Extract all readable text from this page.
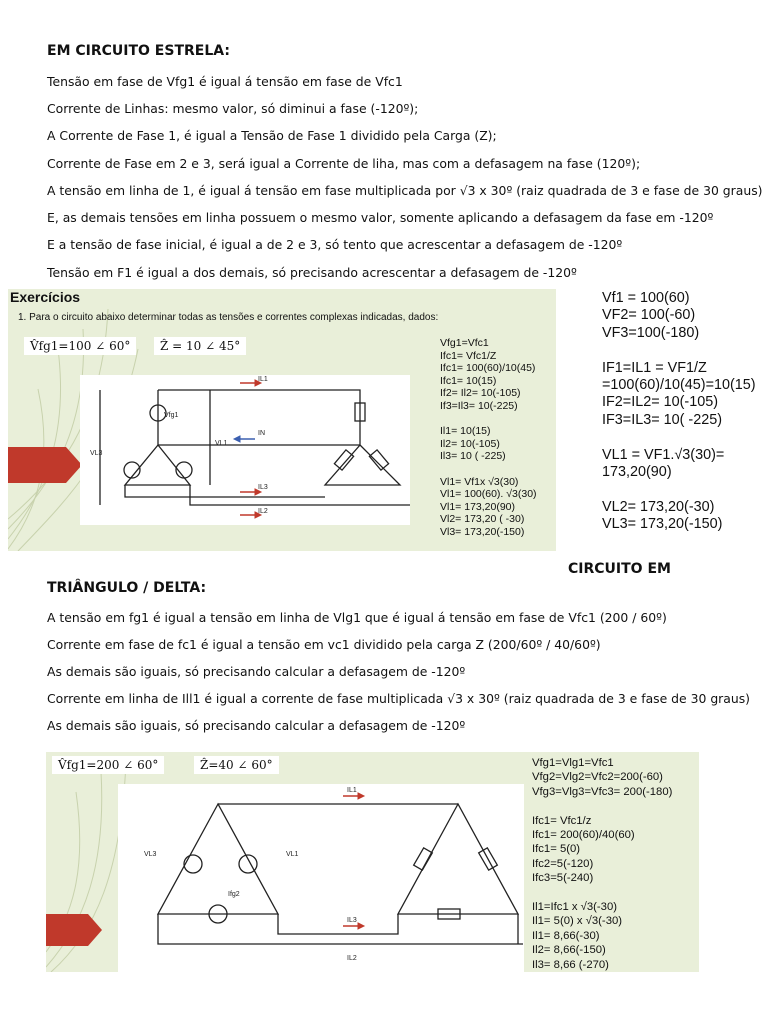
EM CIRCUITO ESTRELA:
Tensão em fase de Vfg1 é igual á tensão em fase de Vfc1
Corrente de Linhas: mesmo valor, só diminui a fase (-120º);
A Corrente de Fase 1, é igual a Tensão de Fase 1 dividido pela Carga (Z);
Corrente de Fase em 2 e 3, será igual a Corrente de liha, mas com a defasagem na fase (120º);
A tensão em linha de 1, é igual á tensão em fase multiplicada por √3 x 30º (raiz quadrada de 3 e fase de 30 graus)
E, as demais tensões em linha possuem o mesmo valor, somente aplicando a defasagem da fase em -120º
E a tensão de fase inicial, é igual a de 2 e 3, só tento que acrescentar a defasagem de -120º
Tensão em F1 é igual a dos demais, só precisando acrescentar a defasagem de -120º
Exercícios
1. Para o circuito abaixo determinar todas as tensões e correntes complexas indicadas, dados:
V̂fg1=100 ∠ 60°	Ẑ = 10 ∠ 45°
IL1
IN
IL3
IL2
Vfg1
VL3
VL1
Vfg1=Vfc1
Ifc1= Vfc1/Z
Ifc1= 100(60)/10(45)
Ifc1= 10(15)
If2= Il2= 10(-105)
If3=Il3= 10(-225)

Il1= 10(15)
Il2= 10(-105)
Il3= 10 ( -225)

Vl1= Vf1x √3(30)
Vl1= 100(60). √3(30)
Vl1= 173,20(90)
Vl2= 173,20 ( -30)
Vl3= 173,20(-150)
Vf1 = 100(60)
VF2= 100(-60)
VF3=100(-180)

IF1=IL1 = VF1/Z
=100(60)/10(45)=10(15)
IF2=IL2= 10(-105)
IF3=IL3= 10( -225)

VL1 = VF1.√3(30)=
173,20(90)

VL2= 173,20(-30)
VL3= 173,20(-150)
CIRCUITO EM
TRIÂNGULO / DELTA:
A tensão em fg1 é igual a tensão em linha de Vlg1 que é igual á tensão em fase de Vfc1 (200 / 60º)
Corrente em fase de fc1 é igual a tensão em vc1 dividido pela carga Z (200/60º / 40/60º)
As demais são iguais, só precisando calcular a defasagem de -120º
Corrente em linha de Ill1 é igual a corrente de fase multiplicada √3 x 30º (raiz quadrada de 3 e fase de 30 graus)
As demais são iguais, só precisando calcular a defasagem de -120º
V̂fg1=200 ∠ 60°	Ẑ=40 ∠ 60°
IL1
IL3
IL2
VL3	VL1
Ifg2
Vfg1=Vlg1=Vfc1
Vfg2=Vlg2=Vfc2=200(-60)
Vfg3=Vlg3=Vfc3= 200(-180)

Ifc1= Vfc1/z
Ifc1= 200(60)/40(60)
Ifc1= 5(0)
Ifc2=5(-120)
Ifc3=5(-240)

Il1=Ifc1 x √3(-30)
Il1= 5(0) x √3(-30)
Il1= 8,66(-30)
Il2= 8,66(-150)
Il3= 8,66 (-270)
